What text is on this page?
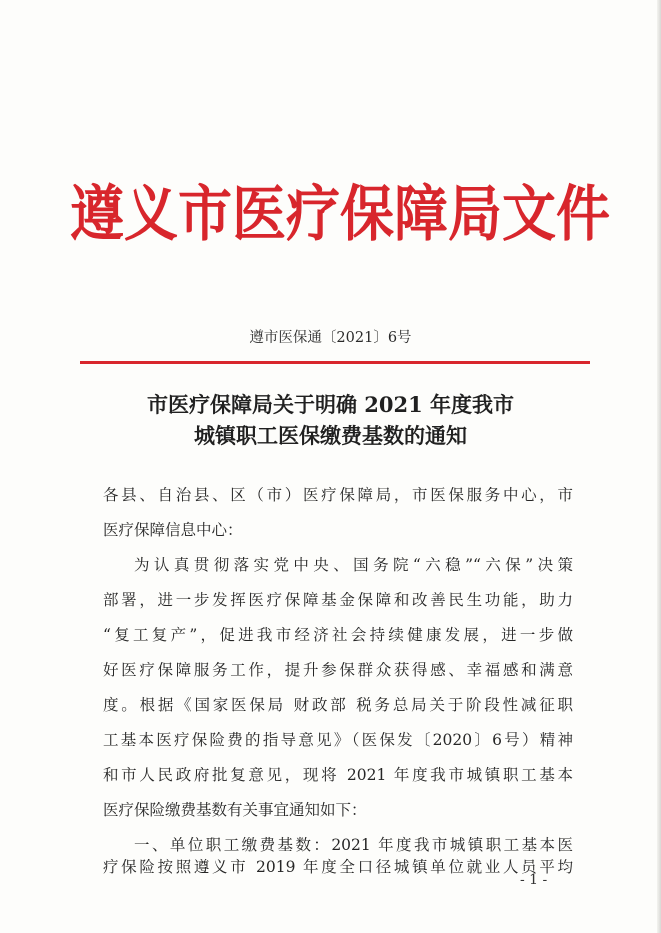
遵义市医疗保障局文件
遵市医保通〔2021〕6号
市医疗保障局关于明确 2021 年度我市
城镇职工医保缴费基数的通知
各县、自治县、区（市）医疗保障局，市医保服务中心，市
医疗保障信息中心：
为认真贯彻落实党中央、国务院“六稳”“六保”决策
部署，进一步发挥医疗保障基金保障和改善民生功能，助力
“复工复产”，促进我市经济社会持续健康发展，进一步做
好医疗保障服务工作，提升参保群众获得感、幸福感和满意
度。根据《国家医保局 财政部 税务总局关于阶段性减征职
工基本医疗保险费的指导意见》（医保发〔2020〕6号）精神
和市人民政府批复意见，现将 2021 年度我市城镇职工基本
医疗保险缴费基数有关事宜通知如下：
一、单位职工缴费基数：2021 年度我市城镇职工基本医
疗保险按照遵义市 2019 年度全口径城镇单位就业人员平均
- 1 -
